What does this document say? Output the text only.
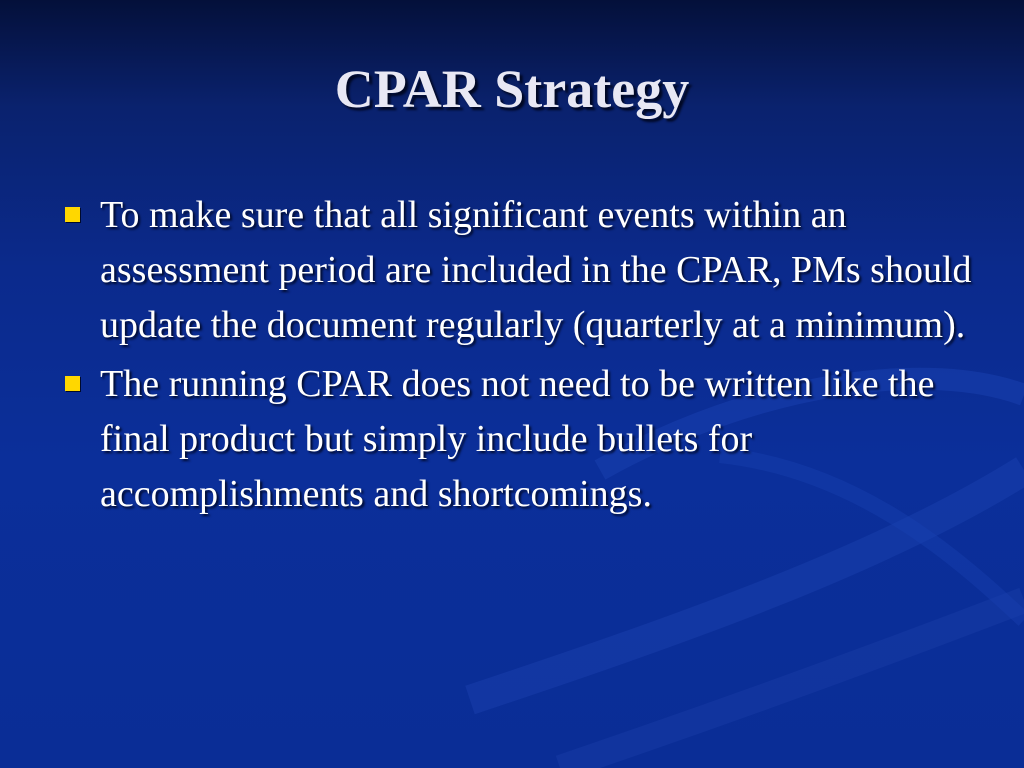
CPAR Strategy
To make sure that all significant events within an assessment period are included in the CPAR, PMs should update the document regularly (quarterly at a minimum).
The running CPAR does not need to be written like the final product but simply include bullets for accomplishments and shortcomings.
